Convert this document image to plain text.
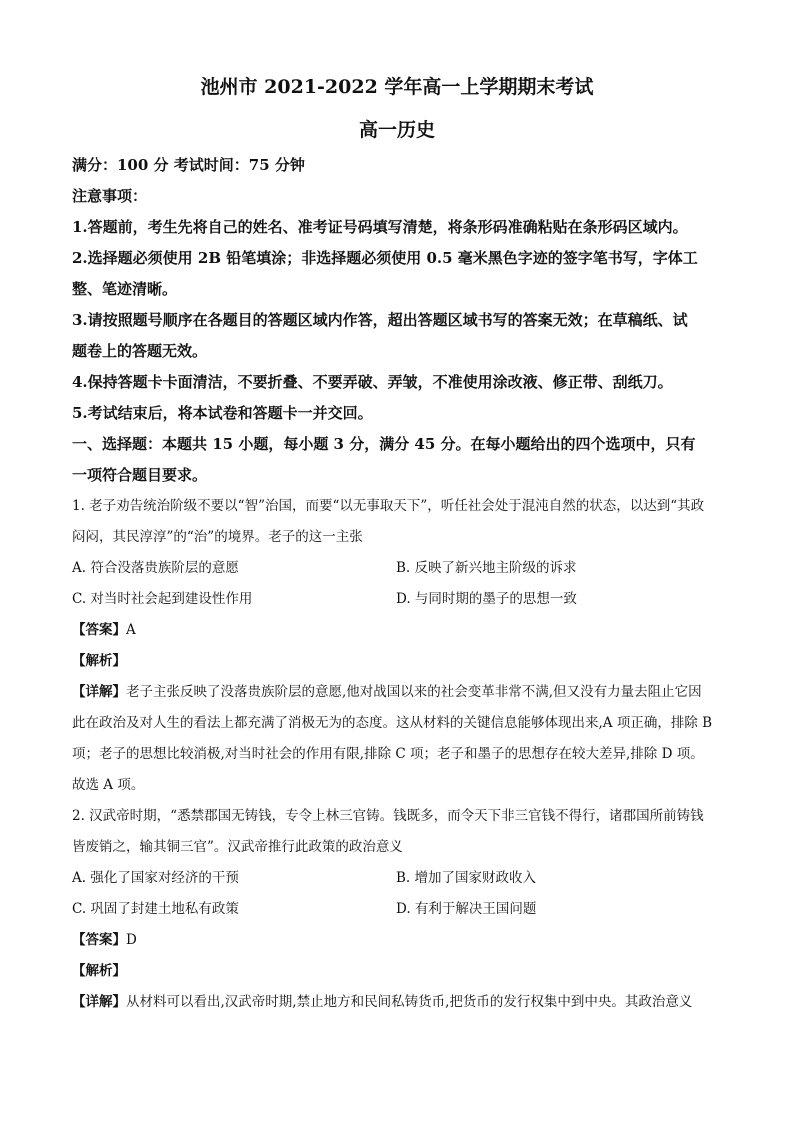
池州市 2021-2022 学年高一上学期期末考试
高一历史

满分：100 分 考试时间：75 分钟

注意事项：

1.答题前，考生先将自己的姓名、准考证号码填写清楚，将条形码准确粘贴在条形码区域内。

2.选择题必须使用 2B 铅笔填涂；非选择题必须使用 0.5 毫米黑色字迹的签字笔书写，字体工

整、笔迹清晰。

3.请按照题号顺序在各题目的答题区域内作答，超出答题区域书写的答案无效；在草稿纸、试

题卷上的答题无效。

4.保持答题卡卡面清洁，不要折叠、不要弄破、弄皱，不准使用涂改液、修正带、刮纸刀。

5.考试结束后，将本试卷和答题卡一并交回。

一、选择题：本题共 15 小题，每小题 3 分，满分 45 分。在每小题给出的四个选项中，只有

一项符合题目要求。

1. 老子劝告统治阶级不要以“智”治国，而要“以无事取天下”，听任社会处于混沌自然的状态，以达到“其政

闷闷，其民淳淳”的“治”的境界。老子的这一主张

A. 符合没落贵族阶层的意愿	B. 反映了新兴地主阶级的诉求
C. 对当时社会起到建设性作用	D. 与同时期的墨子的思想一致

【答案】A

【解析】

【详解】老子主张反映了没落贵族阶层的意愿,他对战国以来的社会变革非常不满,但又没有力量去阻止它因

此在政治及对人生的看法上都充满了消极无为的态度。这从材料的关键信息能够体现出来,A 项正确，排除 B

项；老子的思想比较消极,对当时社会的作用有限,排除 C 项；老子和墨子的思想存在较大差异,排除 D 项。

故选 A 项。

2. 汉武帝时期，“悉禁郡国无铸钱，专令上林三官铸。钱既多，而令天下非三官钱不得行，诸郡国所前铸钱

皆废销之，输其铜三官”。汉武帝推行此政策的政治意义

A. 强化了国家对经济的干预	B. 增加了国家财政收入
C. 巩固了封建土地私有政策	D. 有利于解决王国问题

【答案】D

【解析】

【详解】从材料可以看出,汉武帝时期,禁止地方和民间私铸货币,把货币的发行权集中到中央。其政治意义
